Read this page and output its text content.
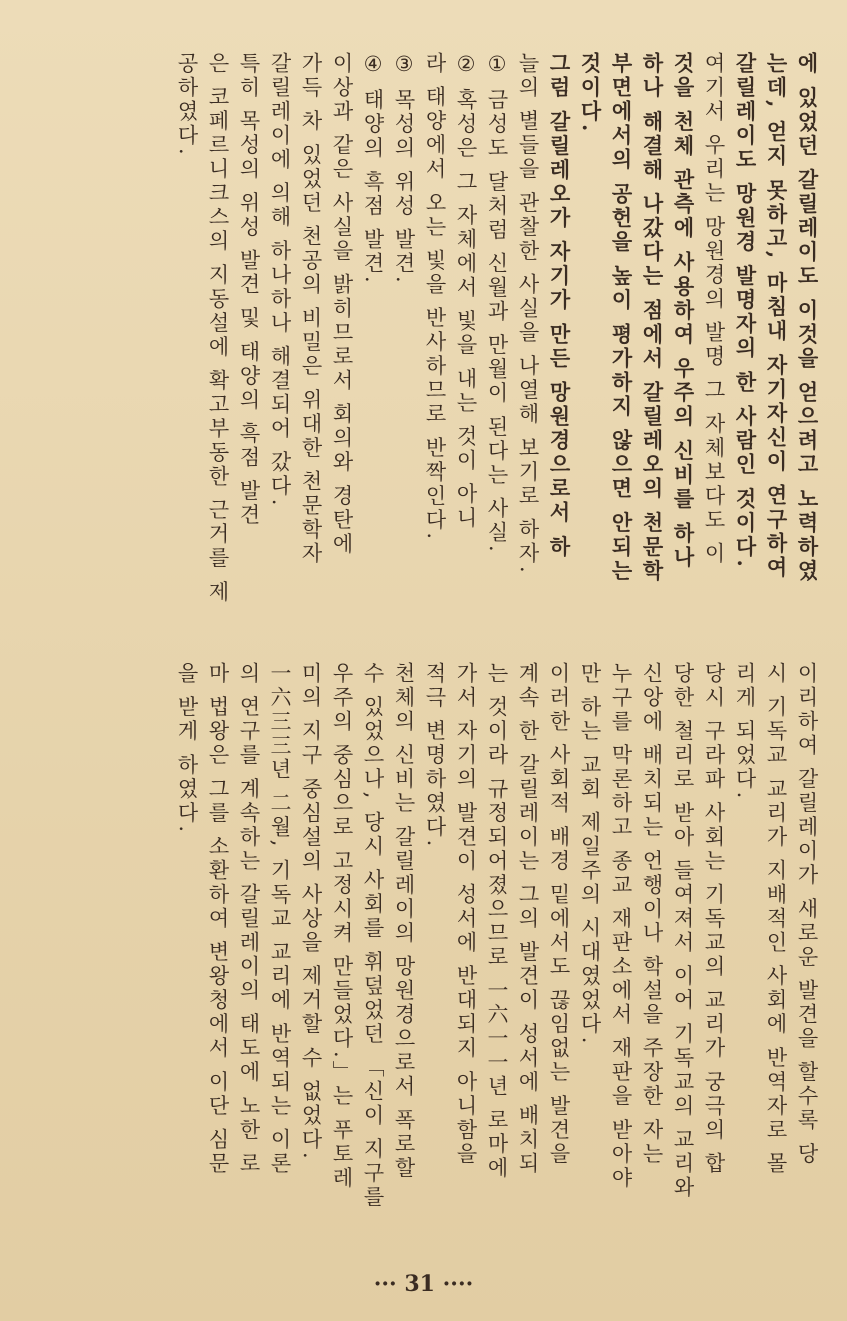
에 있었던 갈릴레이도 이것을 얻으려고 노력하였
는데, 얻지 못하고, 마침내 자기자신이 연구하여
갈릴레이도 망원경 발명자의 한 사람인 것이다.
여기서 우리는 망원경의 발명 그 자체보다도 이
것을 천체 관측에 사용하여 우주의 신비를 하나
하나 해결해 나갔다는 점에서 갈릴레오의 천문학
부면에서의 공헌을 높이 평가하지 않으면 안되는
것이다.
그럼 갈릴레오가 자기가 만든 망원경으로서 하
늘의 별들을 관찰한 사실을 나열해 보기로 하자.
① 금성도 달처럼 신월과 만월이 된다는 사실.
② 혹성은 그 자체에서 빛을 내는 것이 아니
라 태양에서 오는 빛을 반사하므로 반짝인다.
③ 목성의 위성 발견.
④ 태양의 흑점 발견.
이상과 같은 사실을 밝히므로서 회의와 경탄에
가득 차 있었던 천공의 비밀은 위대한 천문학자
갈릴레이에 의해 하나하나 해결되어 갔다.
특히 목성의 위성 발견 및 태양의 흑점 발견
은 코페르니크스의 지동설에 확고부동한 근거를 제
공하였다.
이리하여 갈릴레이가 새로운 발견을 할수록 당
시 기독교 교리가 지배적인 사회에 반역자로 몰
리게 되었다.
당시 구라파 사회는 기독교의 교리가 궁극의 합
당한 철리로 받아 들여져서 이어 기독교의 교리와
신앙에 배치되는 언행이나 학설을 주장한 자는
누구를 막론하고 종교 재판소에서 재판을 받아야
만 하는 교회 제일주의 시대였었다.
이러한 사회적 배경 밑에서도 끊임없는 발견을
계속 한 갈릴레이는 그의 발견이 성서에 배치되
는 것이라 규정되어졌으므로 一六一一년 로마에
가서 자기의 발견이 성서에 반대되지 아니함을
적극 변명하였다.
천체의 신비는 갈릴레이의 망원경으로서 폭로할
수 있었으나, 당시 사회를 휘덮었던 「신이 지구를
우주의 중심으로 고정시켜 만들었다.」는 푸토레
미의 지구 중심설의 사상을 제거할 수 없었다.
一六三三년 二월, 기독교 교리에 반역되는 이론
의 연구를 계속하는 갈릴레이의 태도에 노한 로
마 법왕은 그를 소환하여 변왕청에서 이단 심문
을 받게 하였다.
··· 31 ····
